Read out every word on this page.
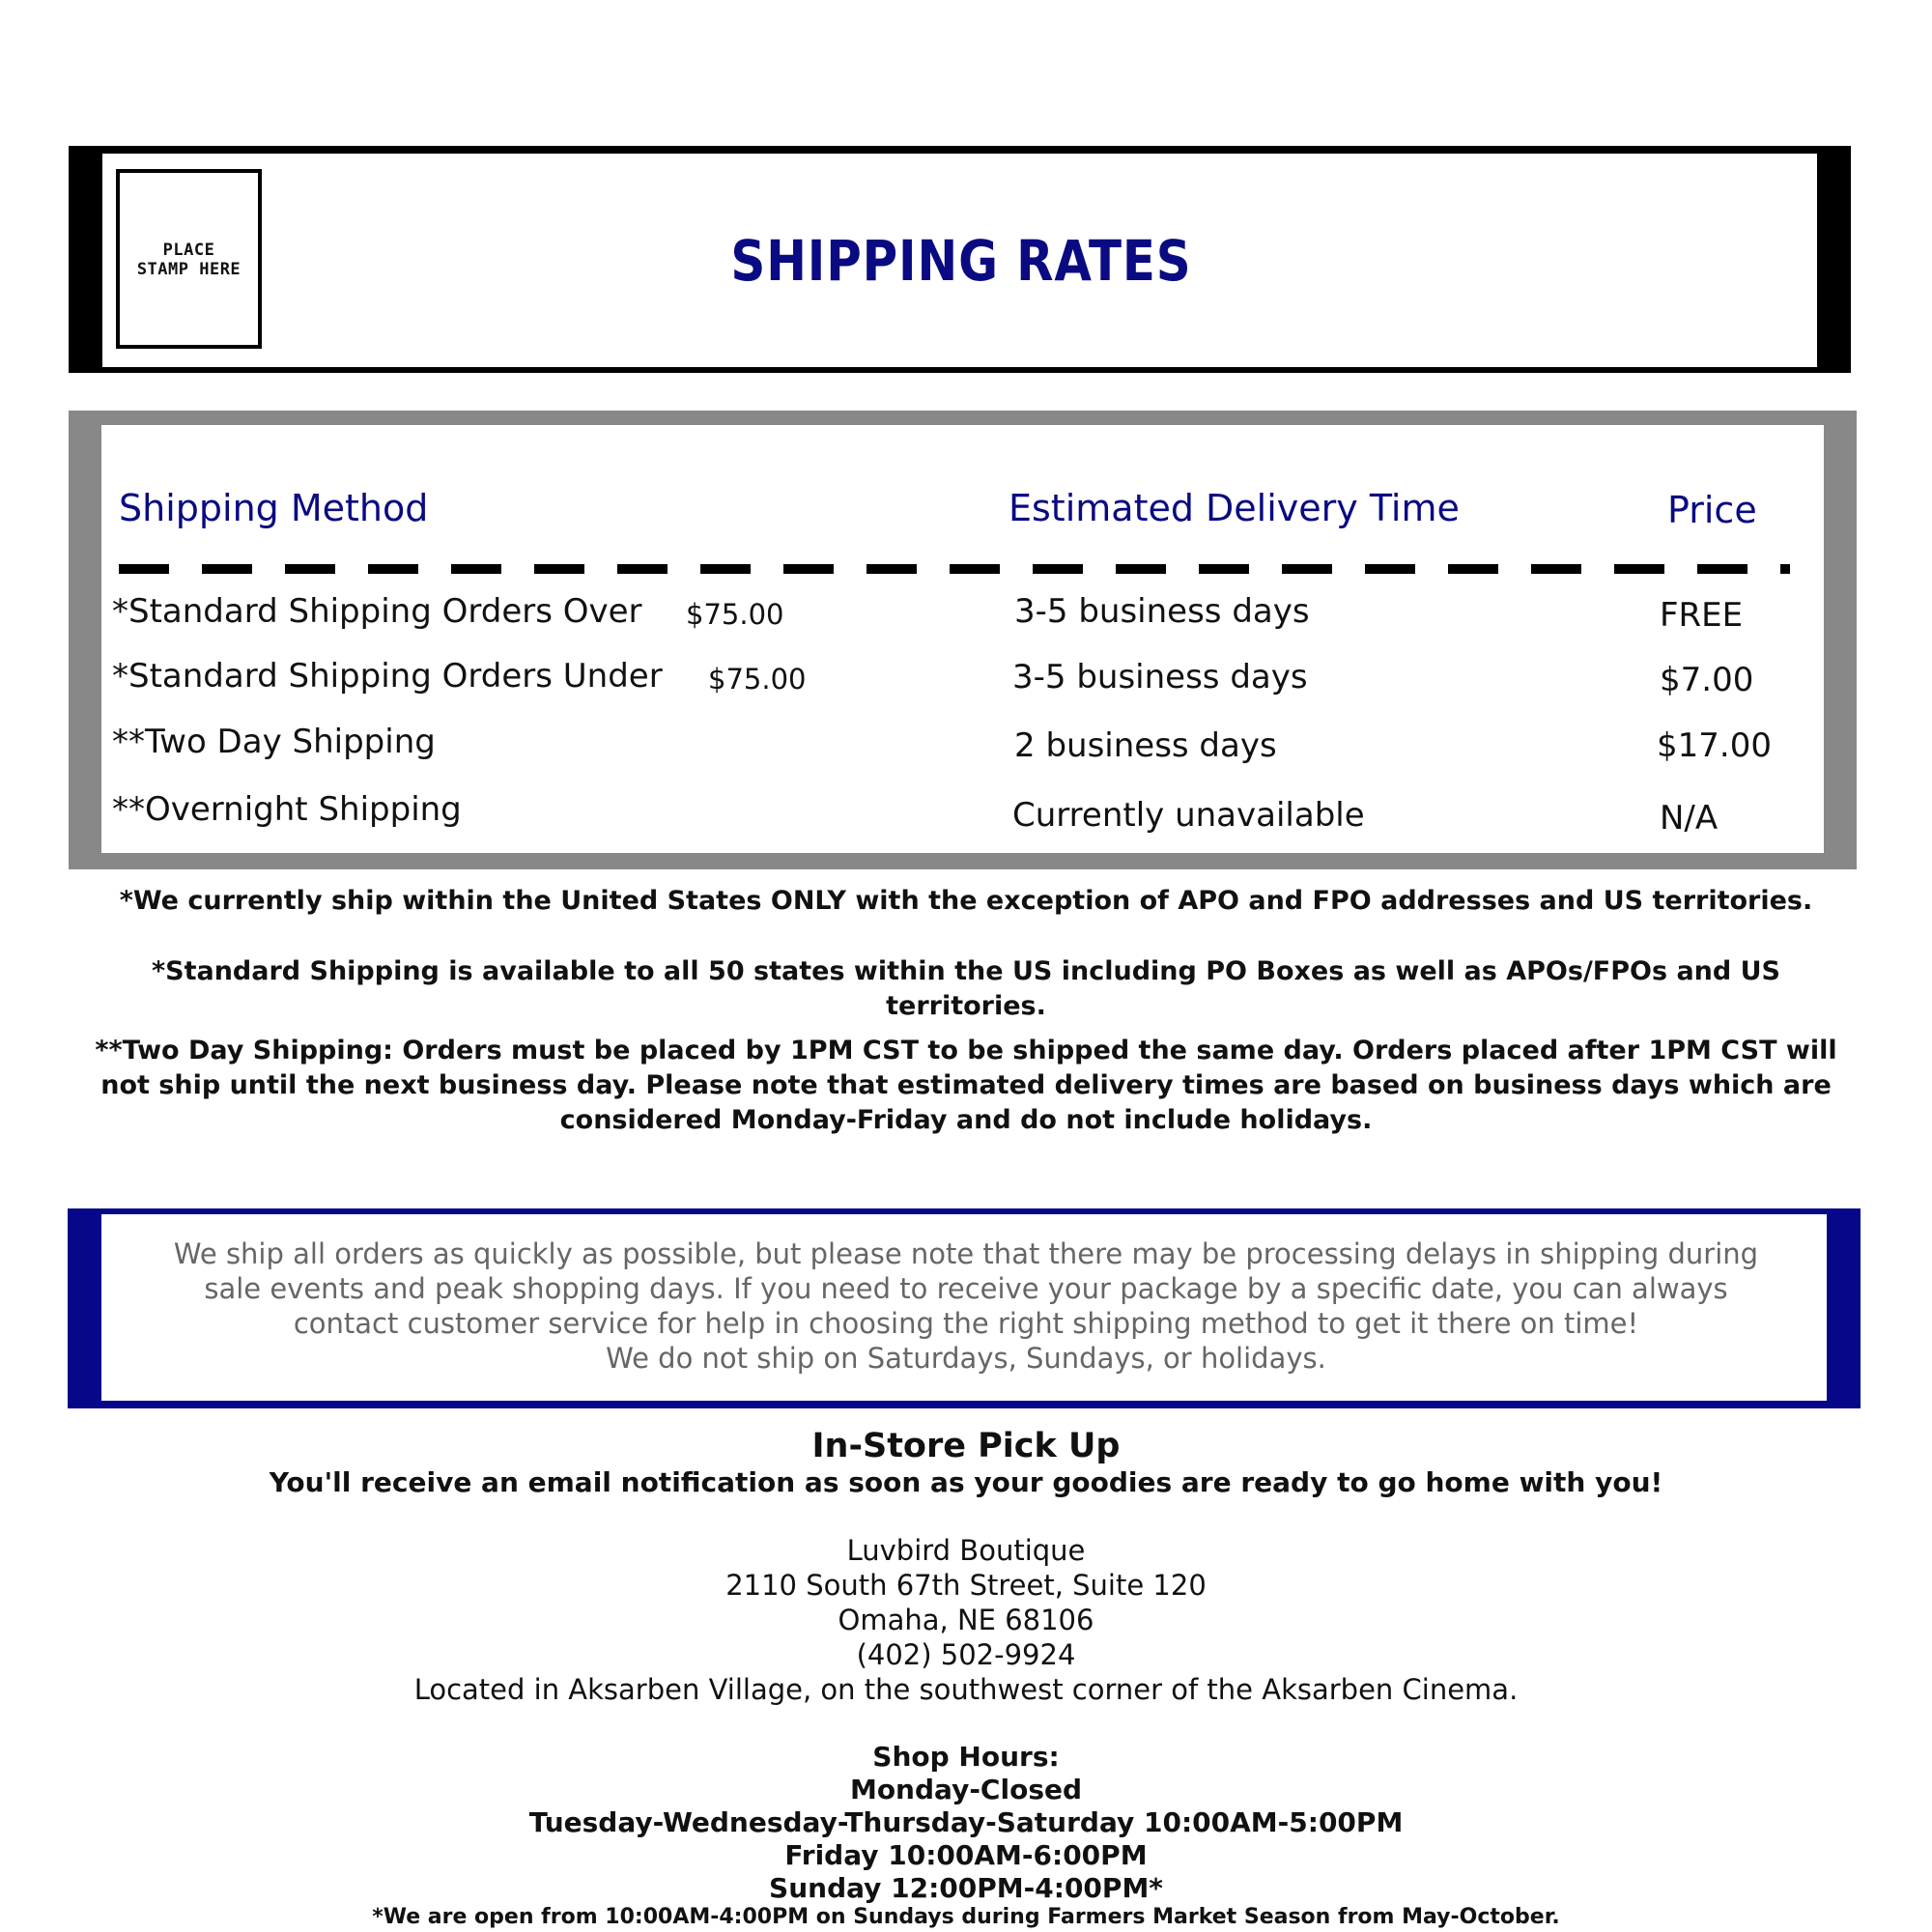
PLACE
STAMP HERE	SHIPPING RATES
Shipping Method	Estimated Delivery Time	Price
*Standard Shipping Orders Over $75.00	3-5 business days	FREE
*Standard Shipping Orders Under $75.00	3-5 business days	$7.00
**Two Day Shipping	2 business days	$17.00
**Overnight Shipping	Currently unavailable	N/A
*We currently ship within the United States ONLY with the exception of APO and FPO addresses and US territories.
*Standard Shipping is available to all 50 states within the US including PO Boxes as well as APOs/FPOs and US territories.
**Two Day Shipping: Orders must be placed by 1PM CST to be shipped the same day. Orders placed after 1PM CST will not ship until the next business day. Please note that estimated delivery times are based on business days which are considered Monday-Friday and do not include holidays.
We ship all orders as quickly as possible, but please note that there may be processing delays in shipping during
sale events and peak shopping days. If you need to receive your package by a specific date, you can always
contact customer service for help in choosing the right shipping method to get it there on time!
We do not ship on Saturdays, Sundays, or holidays.
In-Store Pick Up
You'll receive an email notification as soon as your goodies are ready to go home with you!
Luvbird Boutique
2110 South 67th Street, Suite 120
Omaha, NE 68106
(402) 502-9924
Located in Aksarben Village, on the southwest corner of the Aksarben Cinema.
Shop Hours:
Monday-Closed
Tuesday-Wednesday-Thursday-Saturday 10:00AM-5:00PM
Friday 10:00AM-6:00PM
Sunday 12:00PM-4:00PM*
*We are open from 10:00AM-4:00PM on Sundays during Farmers Market Season from May-October.
